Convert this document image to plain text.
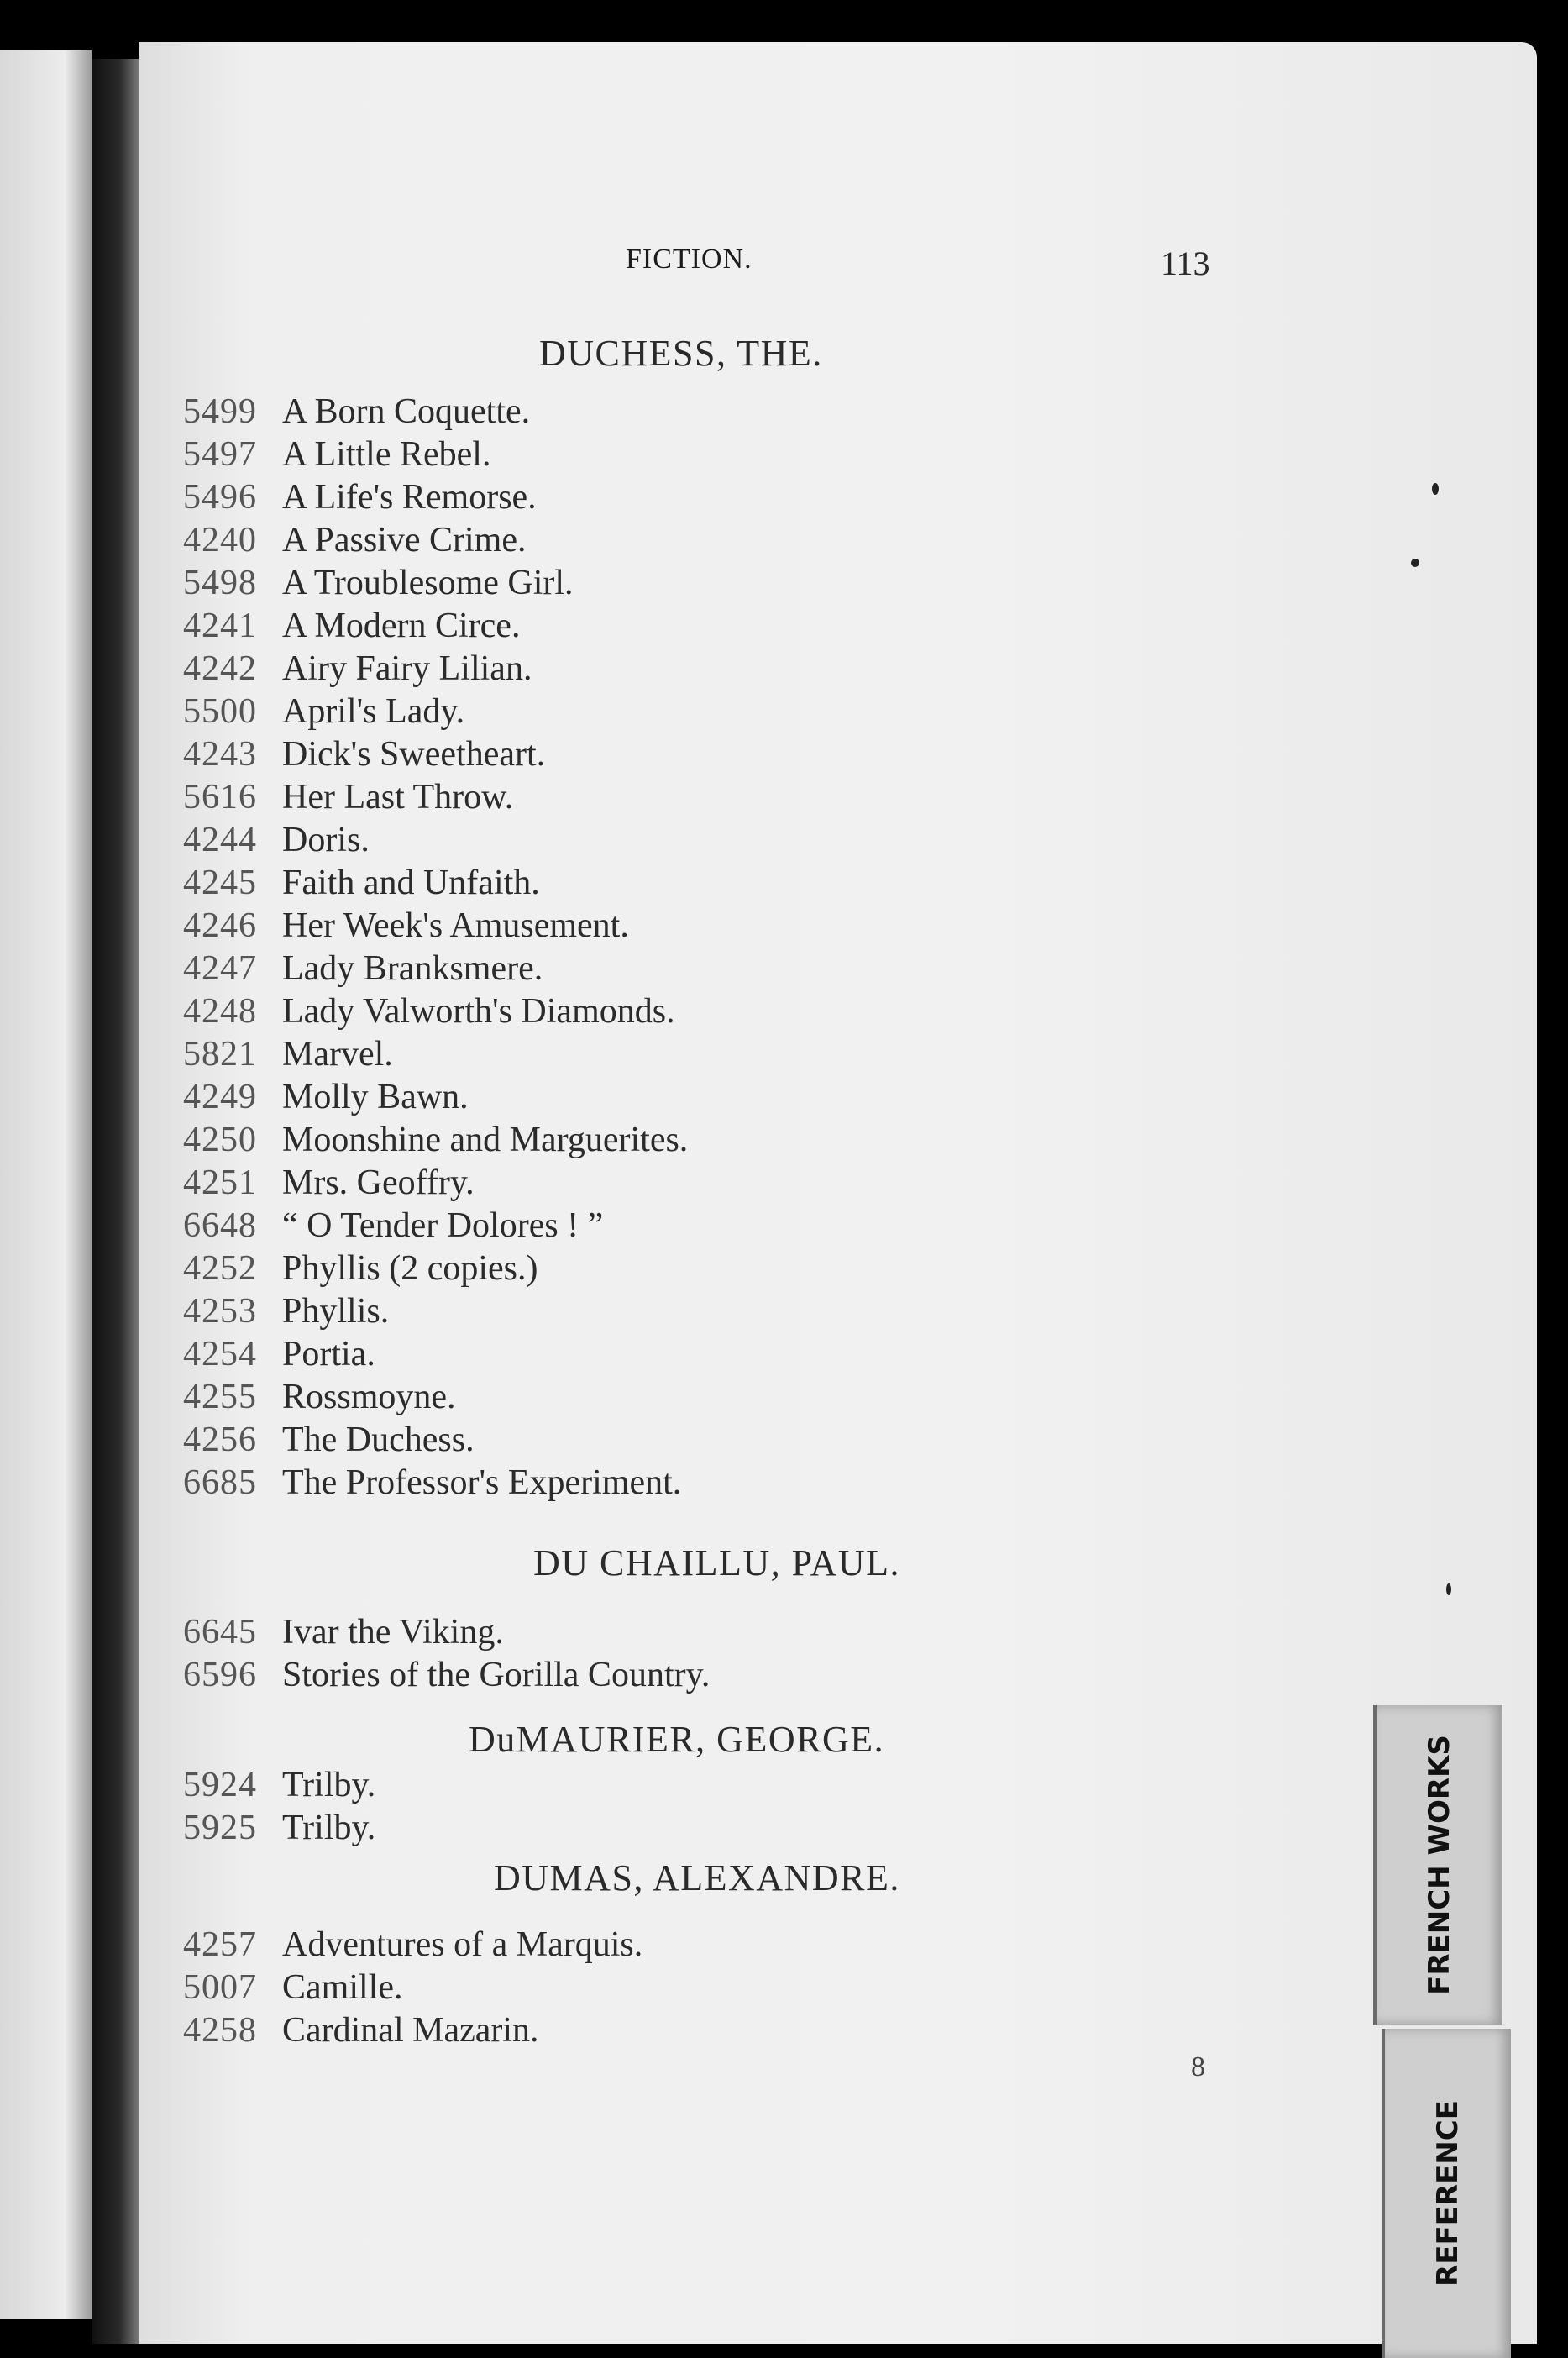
FICTION.	113
DUCHESS, THE.
5499 A Born Coquette.
5497 A Little Rebel.
5496 A Life's Remorse.
4240 A Passive Crime.
5498 A Troublesome Girl.
4241 A Modern Circe.
4242 Airy Fairy Lilian.
5500 April's Lady.
4243 Dick's Sweetheart.
5616 Her Last Throw.
4244 Doris.
4245 Faith and Unfaith.
4246 Her Week's Amusement.
4247 Lady Branksmere.
4248 Lady Valworth's Diamonds.
5821 Marvel.
4249 Molly Bawn.
4250 Moonshine and Marguerites.
4251 Mrs. Geoffry.
6648 “ O Tender Dolores ! ”
4252 Phyllis (2 copies.)
4253 Phyllis.
4254 Portia.
4255 Rossmoyne.
4256 The Duchess.
6685 The Professor's Experiment.
DU CHAILLU, PAUL.
6645 Ivar the Viking.
6596 Stories of the Gorilla Country.
DuMAURIER, GEORGE.
5924 Trilby.
5925 Trilby.
DUMAS, ALEXANDRE.
4257 Adventures of a Marquis.
5007 Camille.
4258 Cardinal Mazarin.
8
FRENCH WORKS
REFERENCE
